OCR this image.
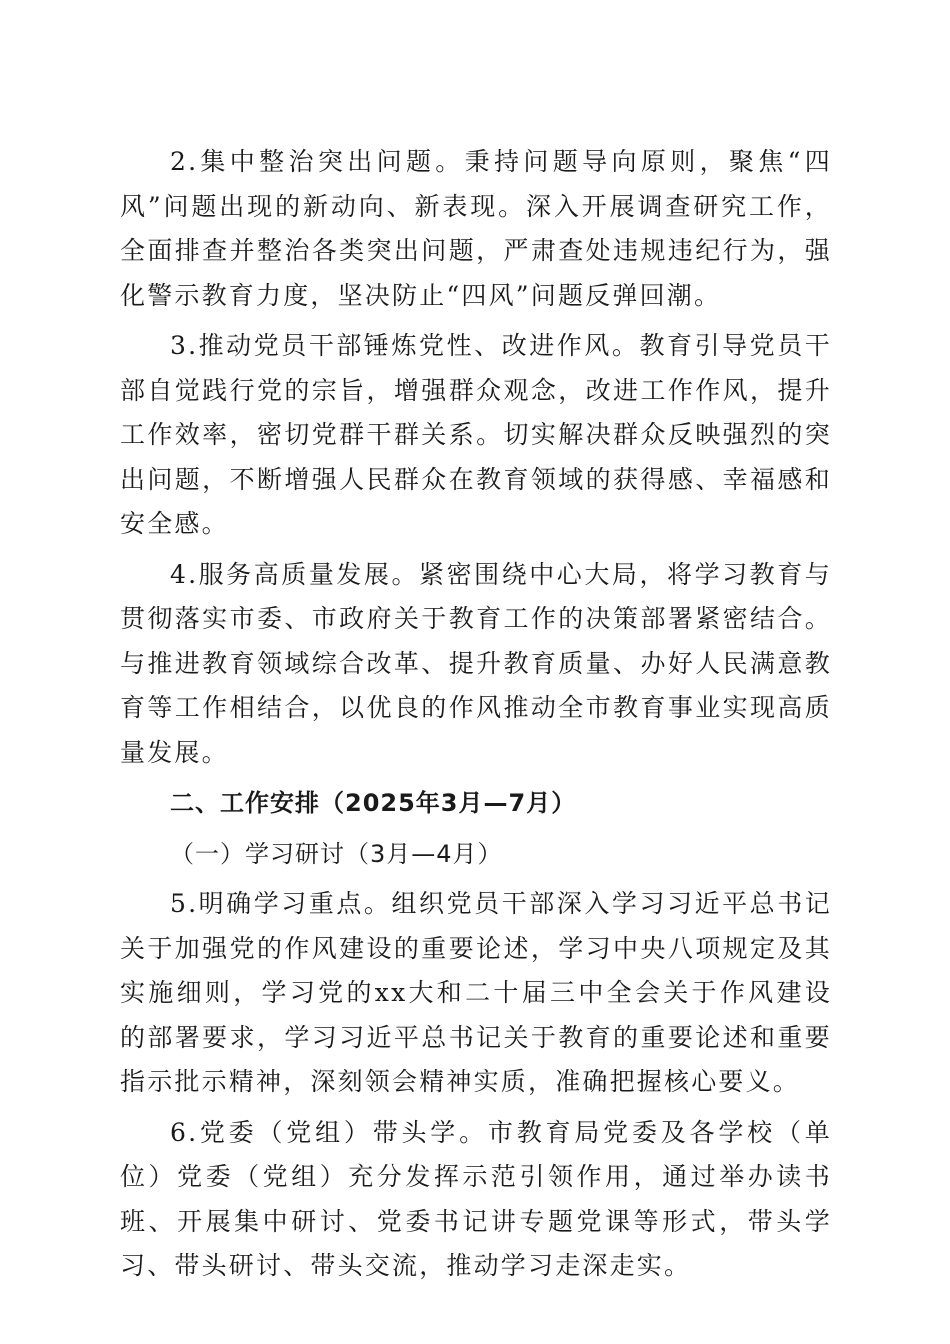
2.集中整治突出问题。秉持问题导向原则，聚焦“四风”问题出现的新动向、新表现。深入开展调查研究工作，全面排查并整治各类突出问题，严肃查处违规违纪行为，强化警示教育力度，坚决防止“四风”问题反弹回潮。

3.推动党员干部锤炼党性、改进作风。教育引导党员干部自觉践行党的宗旨，增强群众观念，改进工作作风，提升工作效率，密切党群干群关系。切实解决群众反映强烈的突出问题，不断增强人民群众在教育领域的获得感、幸福感和安全感。

4.服务高质量发展。紧密围绕中心大局，将学习教育与贯彻落实市委、市政府关于教育工作的决策部署紧密结合。与推进教育领域综合改革、提升教育质量、办好人民满意教育等工作相结合，以优良的作风推动全市教育事业实现高质量发展。

二、工作安排（2025年3月—7月）

（一）学习研讨（3月—4月）

5.明确学习重点。组织党员干部深入学习习近平总书记关于加强党的作风建设的重要论述，学习中央八项规定及其实施细则，学习党的xx大和二十届三中全会关于作风建设的部署要求，学习习近平总书记关于教育的重要论述和重要指示批示精神，深刻领会精神实质，准确把握核心要义。

6.党委（党组）带头学。市教育局党委及各学校（单位）党委（党组）充分发挥示范引领作用，通过举办读书班、开展集中研讨、党委书记讲专题党课等形式，带头学习、带头研讨、带头交流，推动学习走深走实。
